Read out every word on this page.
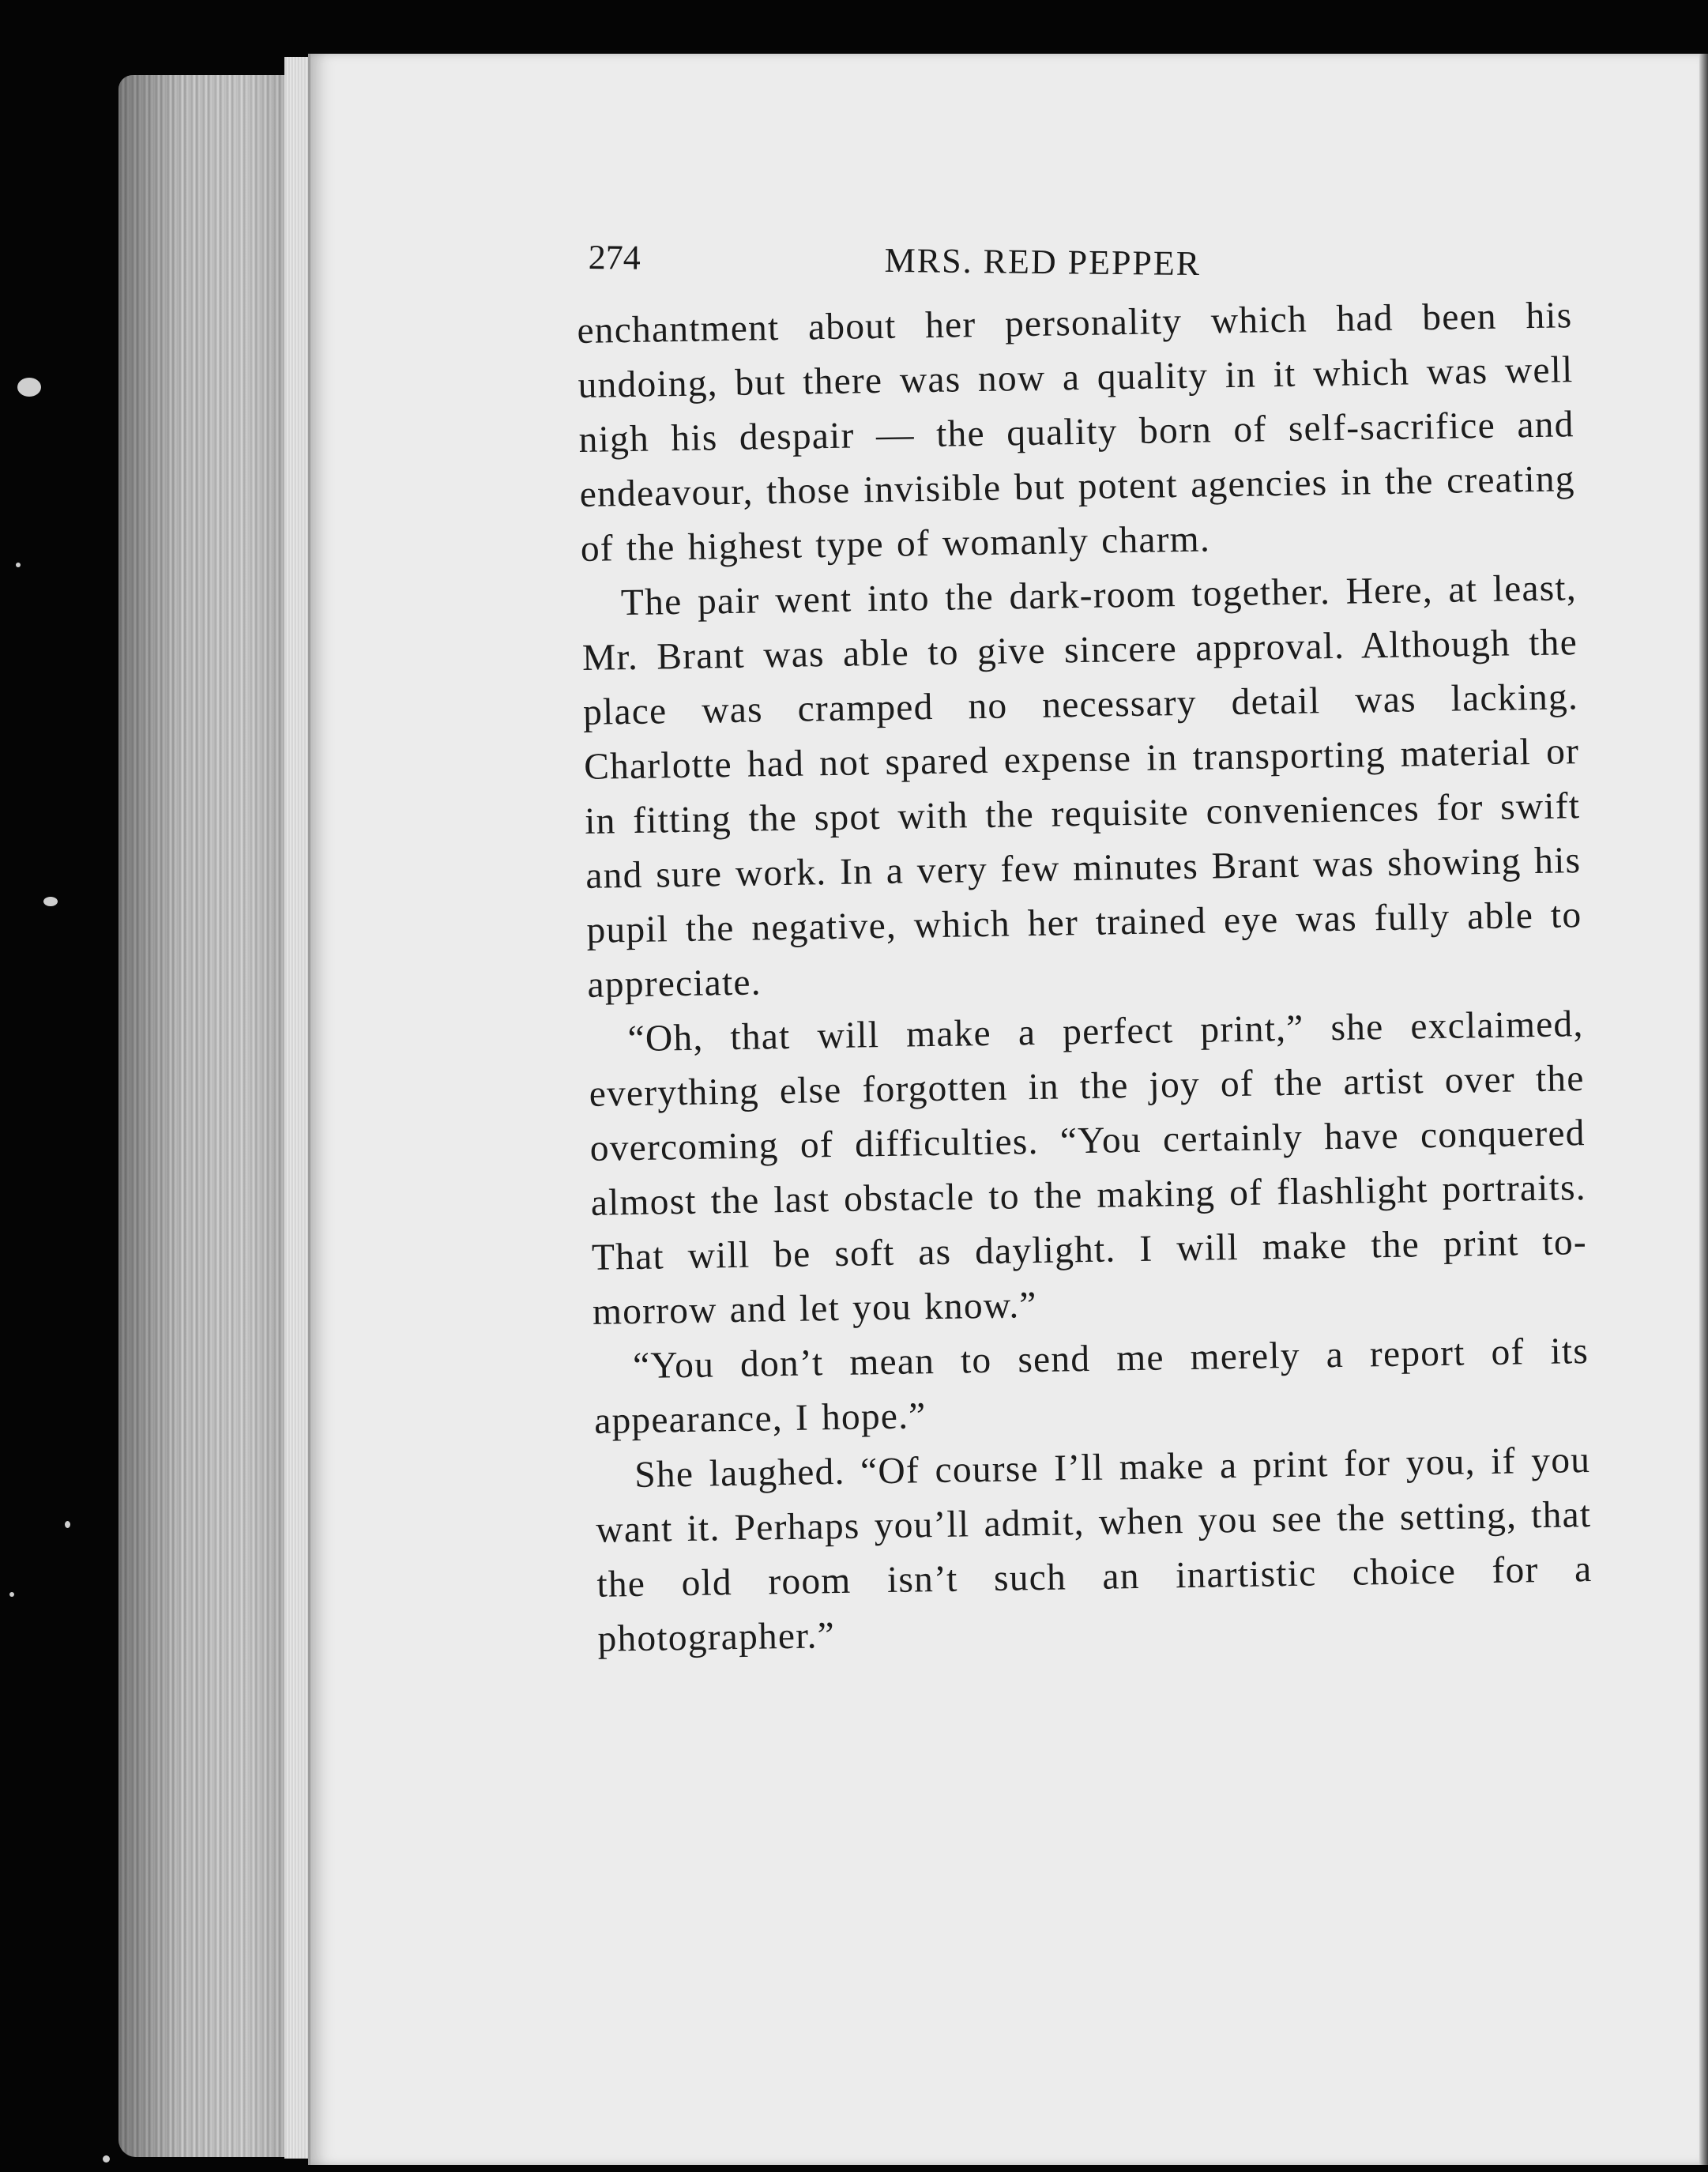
274	MRS. RED PEPPER

enchantment about her personality which had been his undoing, but there was now a quality in it which was well nigh his despair — the quality born of self-sacrifice and endeavour, those invisible but potent agencies in the creating of the highest type of womanly charm.

The pair went into the dark-room together. Here, at least, Mr. Brant was able to give sincere approval. Although the place was cramped no necessary detail was lacking. Charlotte had not spared expense in transporting material or in fitting the spot with the requisite conveniences for swift and sure work. In a very few minutes Brant was showing his pupil the negative, which her trained eye was fully able to appreciate.

“Oh, that will make a perfect print,” she exclaimed, everything else forgotten in the joy of the artist over the overcoming of difficulties. “You certainly have conquered almost the last obstacle to the making of flashlight portraits. That will be soft as daylight. I will make the print to-morrow and let you know.”

“You don’t mean to send me merely a report of its appearance, I hope.”

She laughed. “Of course I’ll make a print for you, if you want it. Perhaps you’ll admit, when you see the setting, that the old room isn’t such an inartistic choice for a photographer.”
